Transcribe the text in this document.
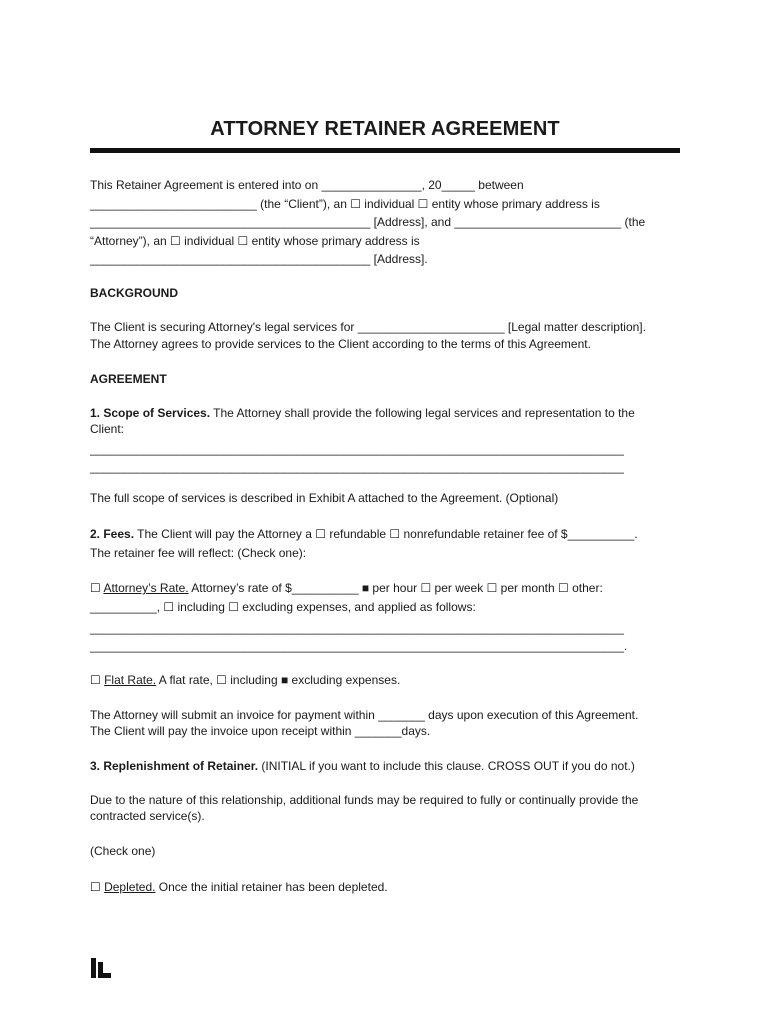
ATTORNEY RETAINER AGREEMENT
This Retainer Agreement is entered into on _______________, 20_____ between
_________________________ (the “Client”), an ☐ individual ☐ entity whose primary address is
__________________________________________ [Address], and _________________________ (the
“Attorney”), an ☐ individual ☐ entity whose primary address is
__________________________________________ [Address].
BACKGROUND
The Client is securing Attorney's legal services for ______________________ [Legal matter description].
The Attorney agrees to provide services to the Client according to the terms of this Agreement.
AGREEMENT
1. Scope of Services. The Attorney shall provide the following legal services and representation to the
Client:
________________________________________________________________________________
________________________________________________________________________________
The full scope of services is described in Exhibit A attached to the Agreement. (Optional)
2. Fees. The Client will pay the Attorney a ☐ refundable ☐ nonrefundable retainer fee of $__________.
The retainer fee will reflect: (Check one):
☐ Attorney’s Rate. Attorney’s rate of $__________ ■ per hour ☐ per week ☐ per month ☐ other:
__________, ☐ including ☐ excluding expenses, and applied as follows:
________________________________________________________________________________
________________________________________________________________________________.
☐ Flat Rate. A flat rate, ☐ including ■ excluding expenses.
The Attorney will submit an invoice for payment within _______ days upon execution of this Agreement.
The Client will pay the invoice upon receipt within _______days.
3. Replenishment of Retainer. (INITIAL if you want to include this clause. CROSS OUT if you do not.)
Due to the nature of this relationship, additional funds may be required to fully or continually provide the
contracted service(s).
(Check one)
☐ Depleted. Once the initial retainer has been depleted.
